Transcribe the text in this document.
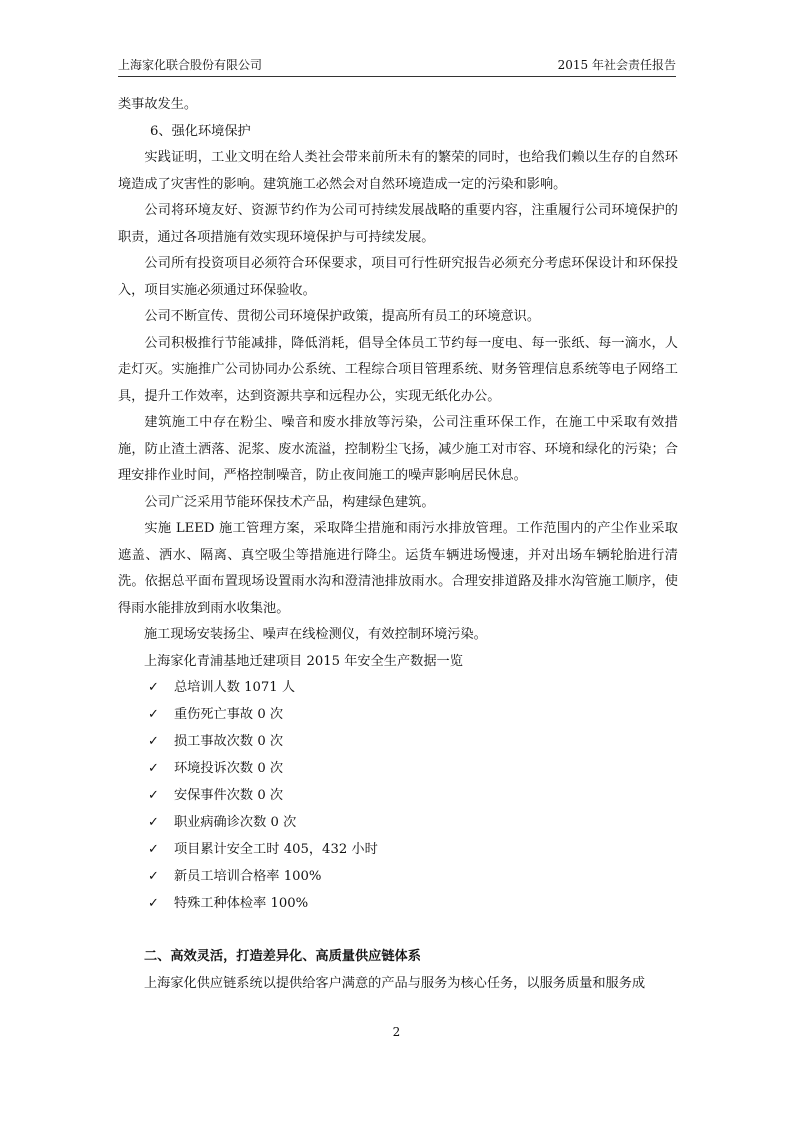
上海家化联合股份有限公司	2015 年社会责任报告

类事故发生。

6、强化环境保护

实践证明，工业文明在给人类社会带来前所未有的繁荣的同时，也给我们赖以生存的自然环境造成了灾害性的影响。建筑施工必然会对自然环境造成一定的污染和影响。

公司将环境友好、资源节约作为公司可持续发展战略的重要内容，注重履行公司环境保护的职责，通过各项措施有效实现环境保护与可持续发展。

公司所有投资项目必须符合环保要求，项目可行性研究报告必须充分考虑环保设计和环保投入，项目实施必须通过环保验收。

公司不断宣传、贯彻公司环境保护政策，提高所有员工的环境意识。

公司积极推行节能减排，降低消耗，倡导全体员工节约每一度电、每一张纸、每一滴水，人走灯灭。实施推广公司协同办公系统、工程综合项目管理系统、财务管理信息系统等电子网络工具，提升工作效率，达到资源共享和远程办公，实现无纸化办公。

建筑施工中存在粉尘、噪音和废水排放等污染，公司注重环保工作，在施工中采取有效措施，防止渣土洒落、泥浆、废水流溢，控制粉尘飞扬，减少施工对市容、环境和绿化的污染；合理安排作业时间，严格控制噪音，防止夜间施工的噪声影响居民休息。

公司广泛采用节能环保技术产品，构建绿色建筑。

实施 LEED 施工管理方案，采取降尘措施和雨污水排放管理。工作范围内的产尘作业采取遮盖、洒水、隔离、真空吸尘等措施进行降尘。运货车辆进场慢速，并对出场车辆轮胎进行清洗。依据总平面布置现场设置雨水沟和澄清池排放雨水。合理安排道路及排水沟管施工顺序，使得雨水能排放到雨水收集池。

施工现场安装扬尘、噪声在线检测仪，有效控制环境污染。

上海家化青浦基地迁建项目 2015 年安全生产数据一览

✓ 总培训人数 1071 人
✓ 重伤死亡事故 0 次
✓ 损工事故次数 0 次
✓ 环境投诉次数 0 次
✓ 安保事件次数 0 次
✓ 职业病确诊次数 0 次
✓ 项目累计安全工时 405，432 小时
✓ 新员工培训合格率 100%
✓ 特殊工种体检率 100%

二、高效灵活，打造差异化、高质量供应链体系

上海家化供应链系统以提供给客户满意的产品与服务为核心任务，以服务质量和服务成

2
